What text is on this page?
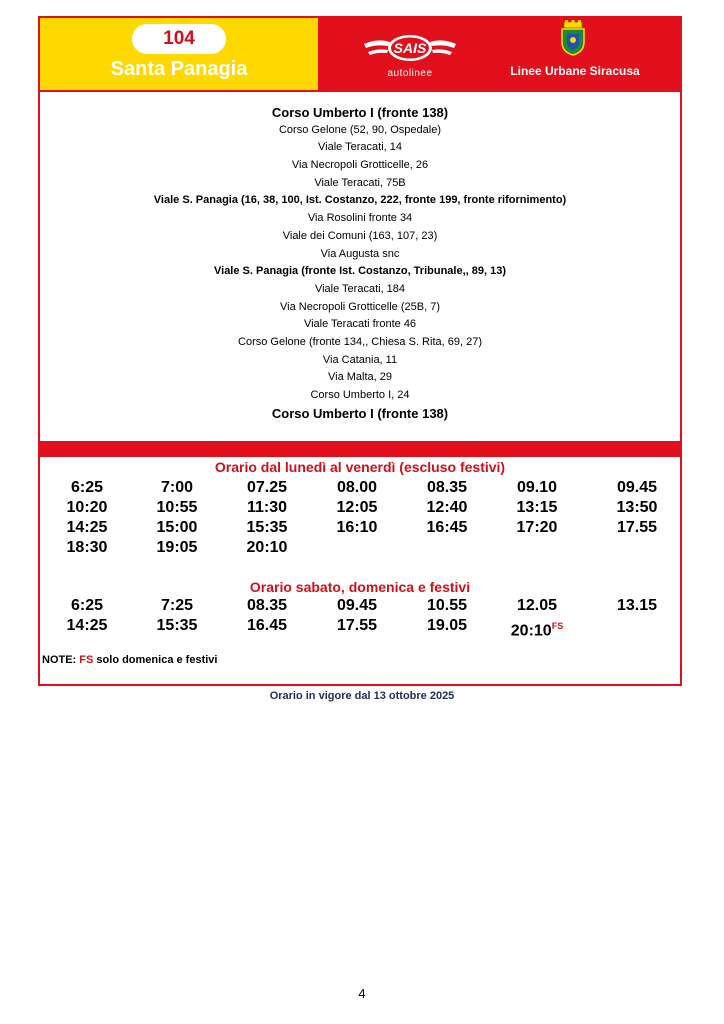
104
Santa Panagia
SAIS
autolinee	Linee Urbane Siracusa
Corso Umberto I (fronte 138)
Corso Gelone (52, 90, Ospedale)
Viale Teracati, 14
Via Necropoli Grotticelle, 26
Viale Teracati, 75B
Viale S. Panagia (16, 38, 100, Ist. Costanzo, 222, fronte 199, fronte rifornimento)
Via Rosolini fronte 34
Viale dei Comuni (163, 107, 23)
Via Augusta snc
Viale S. Panagia (fronte Ist. Costanzo, Tribunale,, 89, 13)
Viale Teracati, 184
Via Necropoli Grotticelle (25B, 7)
Viale Teracati fronte 46
Corso Gelone (fronte 134,, Chiesa S. Rita, 69, 27)
Via Catania, 11
Via Malta, 29
Corso Umberto I, 24
Corso Umberto I (fronte 138)
Orario dal lunedì al venerdì (escluso festivi)
6:25	7:00	07.25	08.00	08.35	09.10	09.45
10:20	10:55	11:30	12:05	12:40	13:15	13:50
14:25	15:00	15:35	16:10	16:45	17:20	17.55
18:30	19:05	20:10
Orario sabato, domenica e festivi
6:25	7:25	08.35	09.45	10.55	12.05	13.15
14:25	15:35	16.45	17.55	19.05	$20:10^{FS}$
NOTE: FS solo domenica e festivi
Orario in vigore dal 13 ottobre 2025
4
